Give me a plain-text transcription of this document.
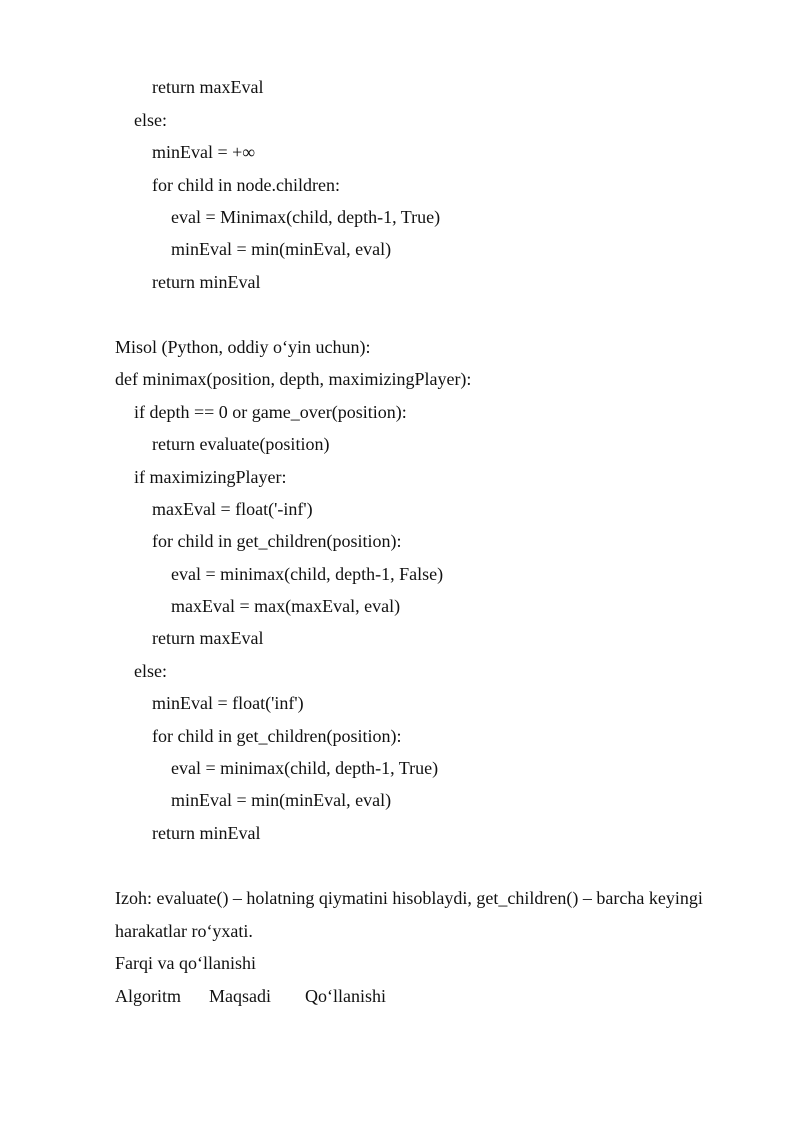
return maxEval
else:
minEval = +∞
for child in node.children:
eval = Minimax(child, depth-1, True)
minEval = min(minEval, eval)
return minEval
Misol (Python, oddiy o‘yin uchun):
def minimax(position, depth, maximizingPlayer):
if depth == 0 or game_over(position):
return evaluate(position)
if maximizingPlayer:
maxEval = float('-inf')
for child in get_children(position):
eval = minimax(child, depth-1, False)
maxEval = max(maxEval, eval)
return maxEval
else:
minEval = float('inf')
for child in get_children(position):
eval = minimax(child, depth-1, True)
minEval = min(minEval, eval)
return minEval
Izoh: evaluate() – holatning qiymatini hisoblaydi, get_children() – barcha keyingi
harakatlar ro‘yxati.
Farqi va qo‘llanishi
Algoritm	Maqsadi	Qo‘llanishi
